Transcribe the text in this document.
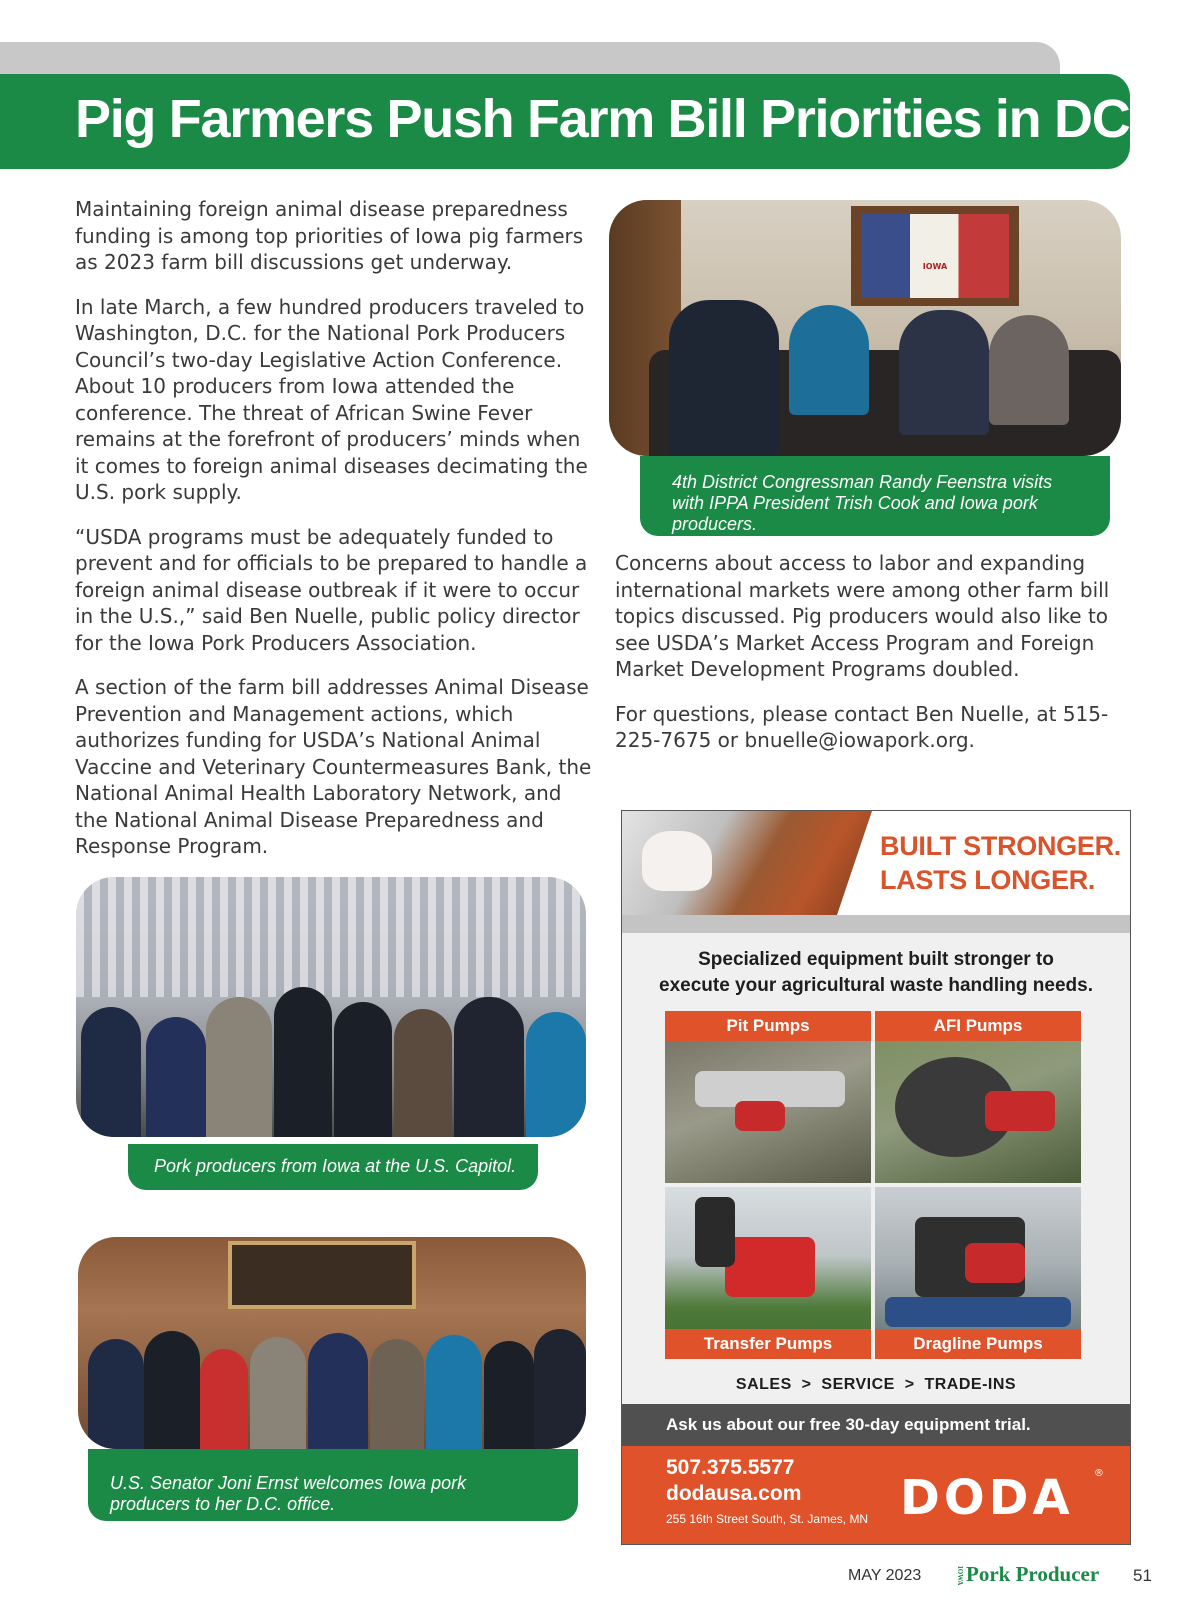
Pig Farmers Push Farm Bill Priorities in DC

Maintaining foreign animal disease preparedness funding is among top priorities of Iowa pig farmers as 2023 farm bill discussions get underway.

In late March, a few hundred producers traveled to Washington, D.C. for the National Pork Producers Council’s two-day Legislative Action Conference. About 10 producers from Iowa attended the conference. The threat of African Swine Fever remains at the forefront of producers’ minds when it comes to foreign animal diseases decimating the U.S. pork supply.

“USDA programs must be adequately funded to prevent and for officials to be prepared to handle a foreign animal disease outbreak if it were to occur in the U.S.,” said Ben Nuelle, public policy director for the Iowa Pork Producers Association.

A section of the farm bill addresses Animal Disease Prevention and Management actions, which authorizes funding for USDA’s National Animal Vaccine and Veterinary Countermeasures Bank, the National Animal Health Laboratory Network, and the National Animal Disease Preparedness and Response Program.

Concerns about access to labor and expanding international markets were among other farm bill topics discussed. Pig producers would also like to see USDA’s Market Access Program and Foreign Market Development Programs doubled.

For questions, please contact Ben Nuelle, at 515-225-7675 or bnuelle@iowapork.org.

IOWA
4th District Congressman Randy Feenstra visits with IPPA President Trish Cook and Iowa pork producers.
Pork producers from Iowa at the U.S. Capitol.
U.S. Senator Joni Ernst welcomes Iowa pork producers to her D.C. office.
BUILT STRONGER.
LASTS LONGER.
Specialized equipment built stronger to
execute your agricultural waste handling needs.
Pit Pumps	AFI Pumps
Transfer Pumps	Dragline Pumps
SALES  >  SERVICE  >  TRADE-INS
Ask us about our free 30-day equipment trial.
507.375.5577
dodausa.com
255 16th Street South, St. James, MN DODA ®
MAY 2023	IOWAPork Producer 51
